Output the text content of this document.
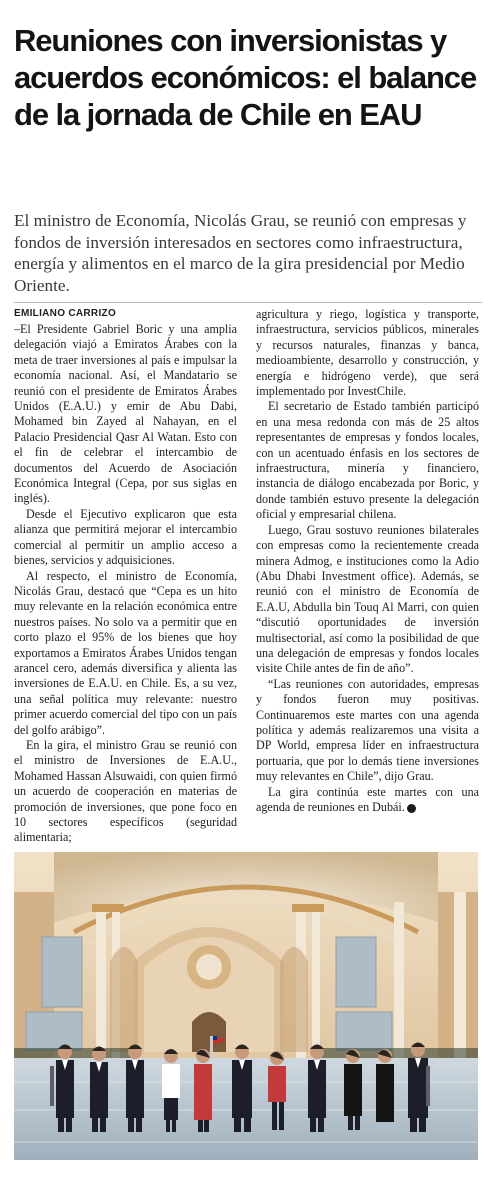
Reuniones con inversionistas y acuerdos económicos: el balance de la jornada de Chile en EAU

El ministro de Economía, Nicolás Grau, se reunió con empresas y fondos de inversión interesados en sectores como infraestructura, energía y alimentos en el marco de la gira presidencial por Medio Oriente.

EMILIANO CARRIZO

–El Presidente Gabriel Boric y una amplia delegación viajó a Emiratos Árabes con la meta de traer inversiones al país e impulsar la economía nacional. Así, el Mandatario se reunió con el presidente de Emiratos Árabes Unidos (E.A.U.) y emir de Abu Dabi, Mohamed bin Zayed al Nahayan, en el Palacio Presidencial Qasr Al Watan. Esto con el fin de celebrar el intercambio de documentos del Acuerdo de Asociación Económica Integral (Cepa, por sus siglas en inglés).

Desde el Ejecutivo explicaron que esta alianza que permitirá mejorar el intercambio comercial al permitir un amplio acceso a bienes, servicios y adquisiciones.

Al respecto, el ministro de Economía, Nicolás Grau, destacó que “Cepa es un hito muy relevante en la relación económica entre nuestros países. No solo va a permitir que en corto plazo el 95% de los bienes que hoy exportamos a Emiratos Árabes Unidos tengan arancel cero, además diversifica y alienta las inversiones de E.A.U. en Chile. Es, a su vez, una señal política muy relevante: nuestro primer acuerdo comercial del tipo con un país del golfo arábigo”.

En la gira, el ministro Grau se reunió con el ministro de Inversiones de E.A.U., Mohamed Hassan Alsuwaidi, con quien firmó un acuerdo de cooperación en materias de promoción de inversiones, que pone foco en 10 sectores específicos (seguridad alimentaria;

agricultura y riego, logística y transporte, infraestructura, servicios públicos, minerales y recursos naturales, finanzas y banca, medioambiente, desarrollo y construcción, y energía e hidrógeno verde), que será implementado por InvestChile.

El secretario de Estado también participó en una mesa redonda con más de 25 altos representantes de empresas y fondos locales, con un acentuado énfasis en los sectores de infraestructura, minería y financiero, instancia de diálogo encabezada por Boric, y donde también estuvo presente la delegación oficial y empresarial chilena.

Luego, Grau sostuvo reuniones bilaterales con empresas como la recientemente creada minera Admog, e instituciones como la Adio (Abu Dhabi Investment office). Además, se reunió con el ministro de Economía de E.A.U, Abdulla bin Touq Al Marri, con quien “discutió oportunidades de inversión multisectorial, así como la posibilidad de que una delegación de empresas y fondos locales visite Chile antes de fin de año”.

“Las reuniones con autoridades, empresas y fondos fueron muy positivas. Continuaremos este martes con una agenda política y además realizaremos una visita a DP World, empresa líder en infraestructura portuaria, que por lo demás tiene inversiones muy relevantes en Chile”, dijo Grau.

La gira continúa este martes con una agenda de reuniones en Dubái. P
